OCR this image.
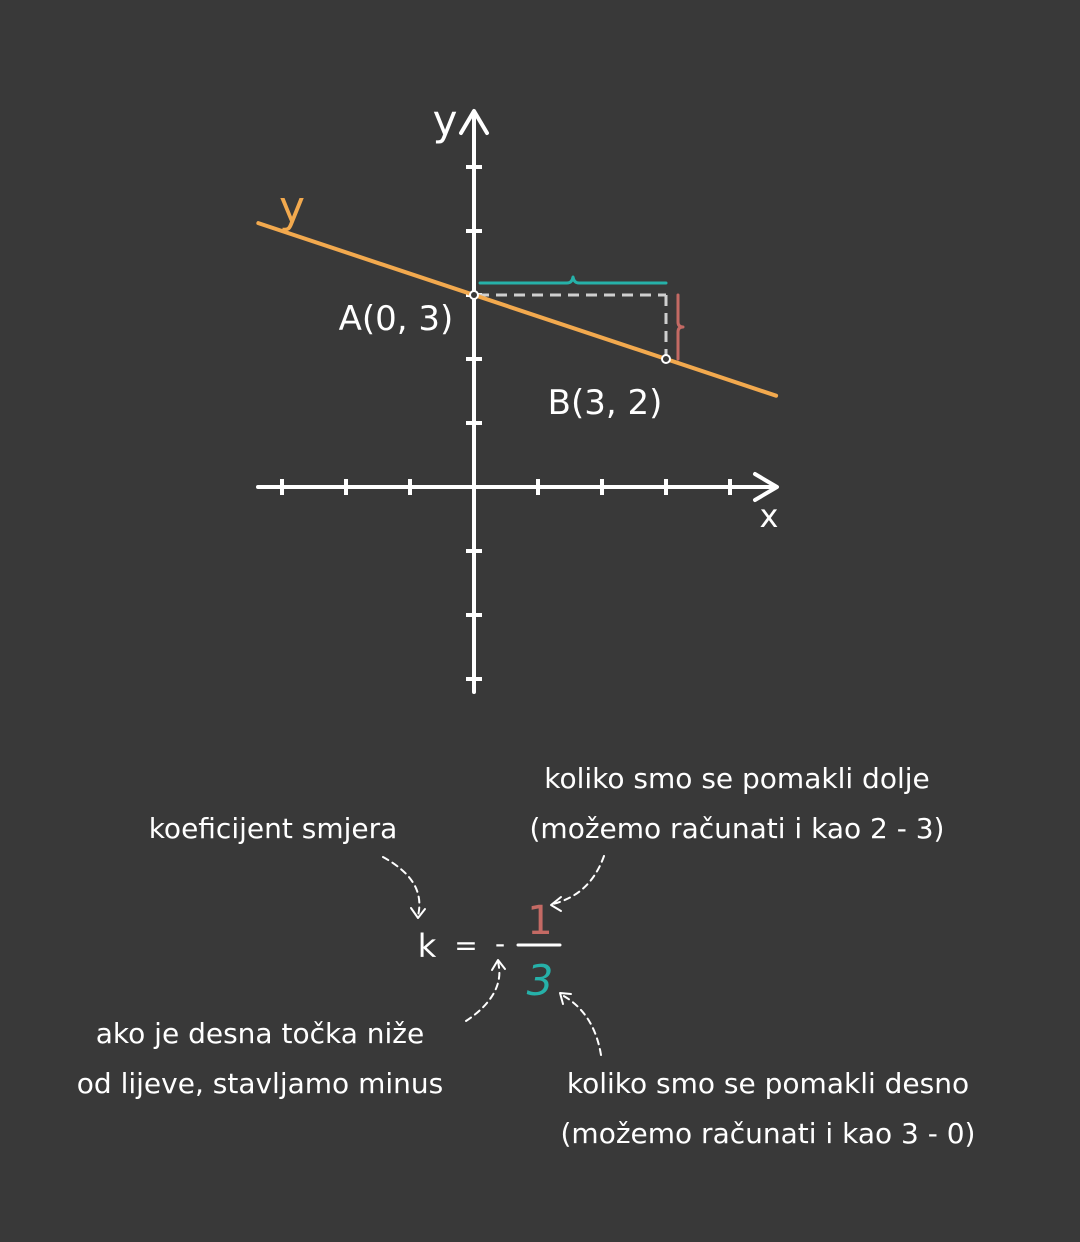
x
y
y
A(0, 3)
B(3, 2)
k = - 1
3
koeficijent smjera
koliko smo se pomakli dolje
(možemo računati i kao 2 - 3)
ako je desna točka niže
od lijeve, stavljamo minus	koliko smo se pomakli desno
(možemo računati i kao 3 - 0)
